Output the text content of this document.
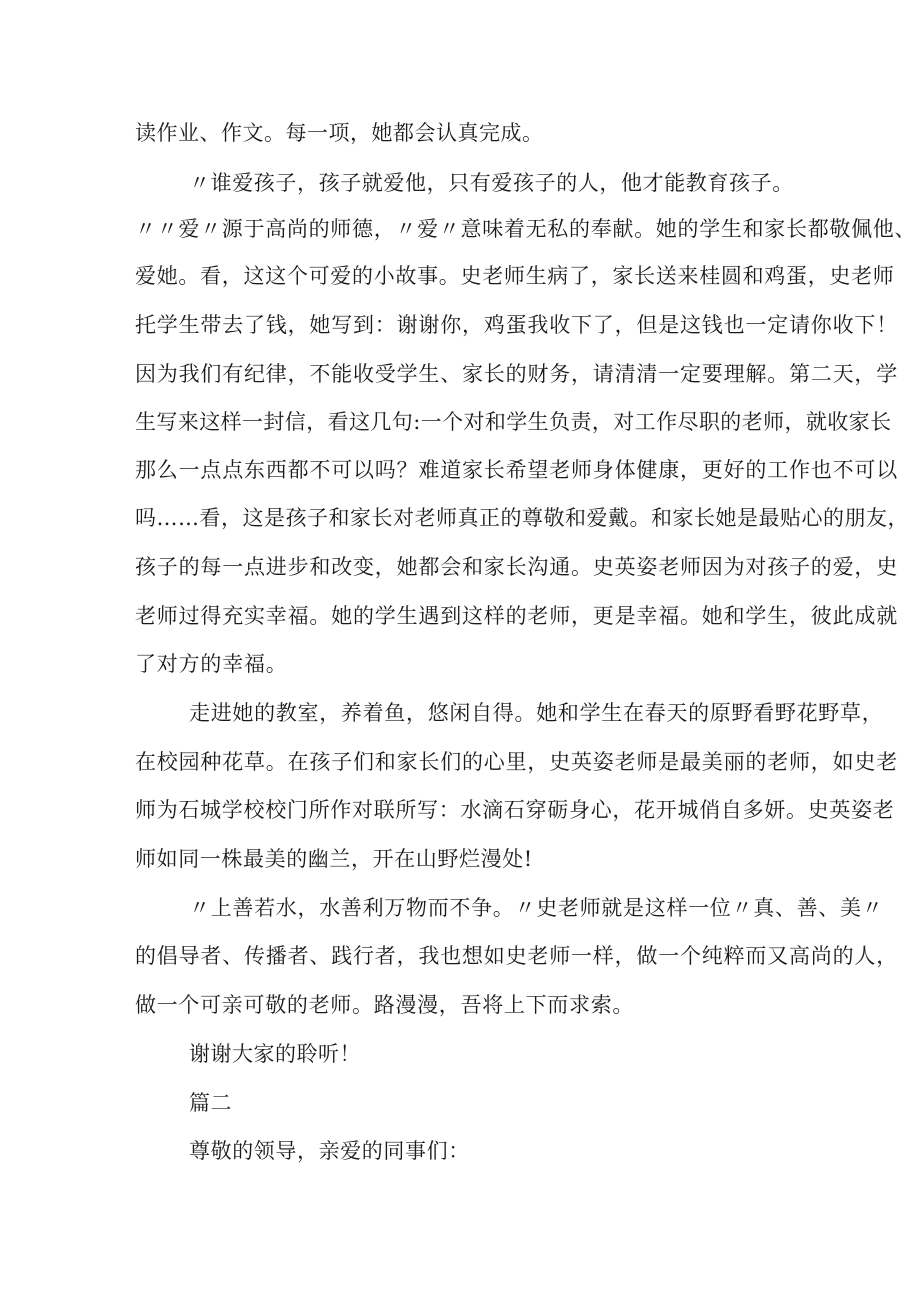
读作业、作文。每一项，她都会认真完成。

〃谁爱孩子，孩子就爱他，只有爱孩子的人，他才能教育孩子。

〃〃爱〃源于高尚的师德，〃爱〃意味着无私的奉献。她的学生和家长都敬佩他、

爱她。看，这这个可爱的小故事。史老师生病了，家长送来桂圆和鸡蛋，史老师

托学生带去了钱，她写到：谢谢你，鸡蛋我收下了，但是这钱也一定请你收下！

因为我们有纪律，不能收受学生、家长的财务，请清清一定要理解。第二天，学

生写来这样一封信，看这几句:一个对和学生负责，对工作尽职的老师，就收家长

那么一点点东西都不可以吗？难道家长希望老师身体健康，更好的工作也不可以

吗……看，这是孩子和家长对老师真正的尊敬和爱戴。和家长她是最贴心的朋友，

孩子的每一点进步和改变，她都会和家长沟通。史英姿老师因为对孩子的爱，史

老师过得充实幸福。她的学生遇到这样的老师，更是幸福。她和学生，彼此成就

了对方的幸福。

走进她的教室，养着鱼，悠闲自得。她和学生在春天的原野看野花野草，

在校园种花草。在孩子们和家长们的心里，史英姿老师是最美丽的老师，如史老

师为石城学校校门所作对联所写：水滴石穿砺身心，花开城俏自多妍。史英姿老

师如同一株最美的幽兰，开在山野烂漫处!

〃上善若水，水善利万物而不争。〃史老师就是这样一位〃真、善、美〃

的倡导者、传播者、践行者，我也想如史老师一样，做一个纯粹而又高尚的人，

做一个可亲可敬的老师。路漫漫，吾将上下而求索。

谢谢大家的聆听！

篇二

尊敬的领导，亲爱的同事们：
